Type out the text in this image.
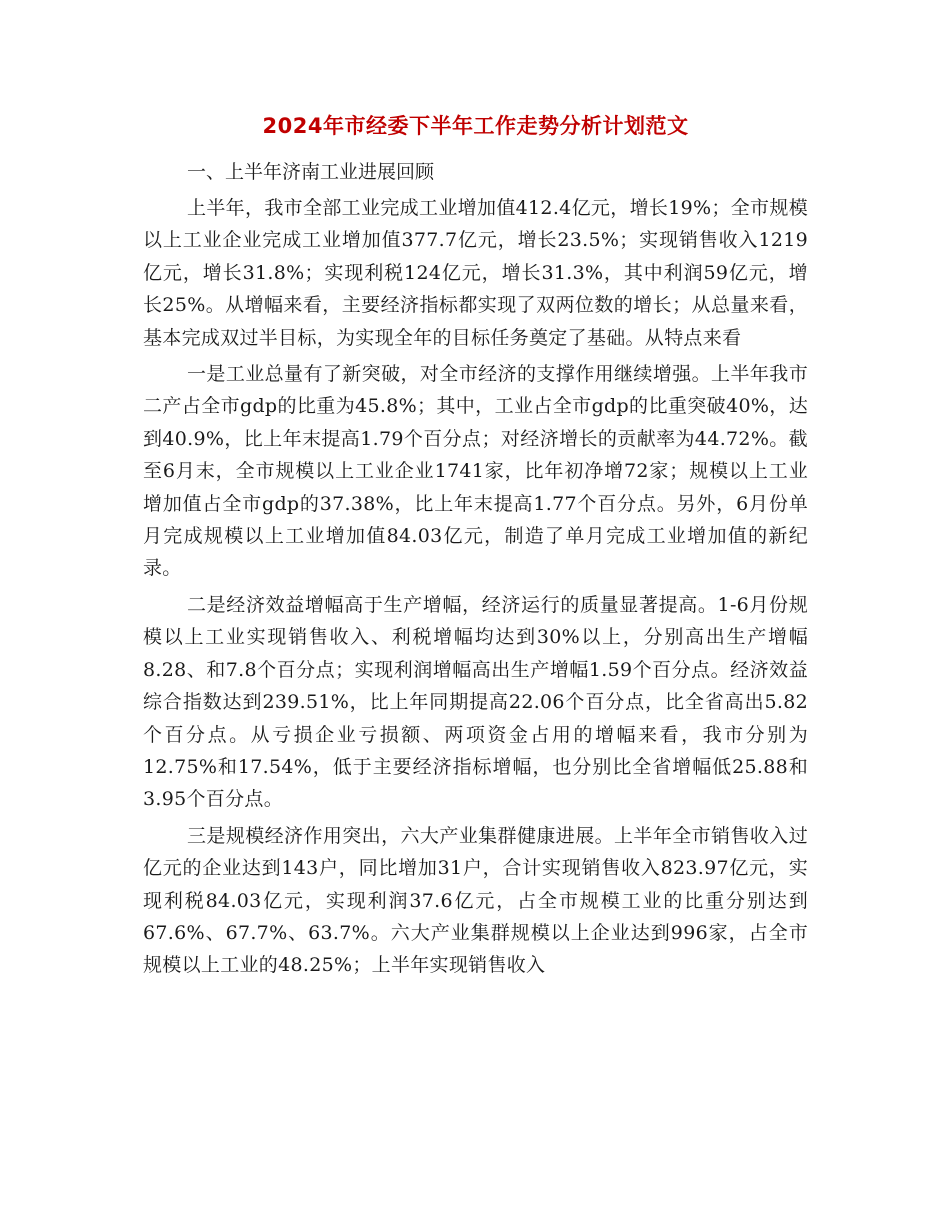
2024年市经委下半年工作走势分析计划范文

一、上半年济南工业进展回顾

上半年，我市全部工业完成工业增加值412.4亿元，增长19%；全市规模以上工业企业完成工业增加值377.7亿元，增长23.5%；实现销售收入1219亿元，增长31.8%；实现利税124亿元，增长31.3%，其中利润59亿元，增长25%。从增幅来看，主要经济指标都实现了双两位数的增长；从总量来看，基本完成双过半目标，为实现全年的目标任务奠定了基础。从特点来看

一是工业总量有了新突破，对全市经济的支撑作用继续增强。上半年我市二产占全市gdp的比重为45.8%；其中，工业占全市gdp的比重突破40%，达到40.9%，比上年末提高1.79个百分点；对经济增长的贡献率为44.72%。截至6月末，全市规模以上工业企业1741家，比年初净增72家；规模以上工业增加值占全市gdp的37.38%，比上年末提高1.77个百分点。另外，6月份单月完成规模以上工业增加值84.03亿元，制造了单月完成工业增加值的新纪录。

二是经济效益增幅高于生产增幅，经济运行的质量显著提高。1-6月份规模以上工业实现销售收入、利税增幅均达到30%以上，分别高出生产增幅8.28、和7.8个百分点；实现利润增幅高出生产增幅1.59个百分点。经济效益综合指数达到239.51%，比上年同期提高22.06个百分点，比全省高出5.82个百分点。从亏损企业亏损额、两项资金占用的增幅来看，我市分别为12.75%和17.54%，低于主要经济指标增幅，也分别比全省增幅低25.88和3.95个百分点。

三是规模经济作用突出，六大产业集群健康进展。上半年全市销售收入过亿元的企业达到143户，同比增加31户，合计实现销售收入823.97亿元，实现利税84.03亿元，实现利润37.6亿元，占全市规模工业的比重分别达到67.6%、67.7%、63.7%。六大产业集群规模以上企业达到996家，占全市规模以上工业的48.25%；上半年实现销售收入
